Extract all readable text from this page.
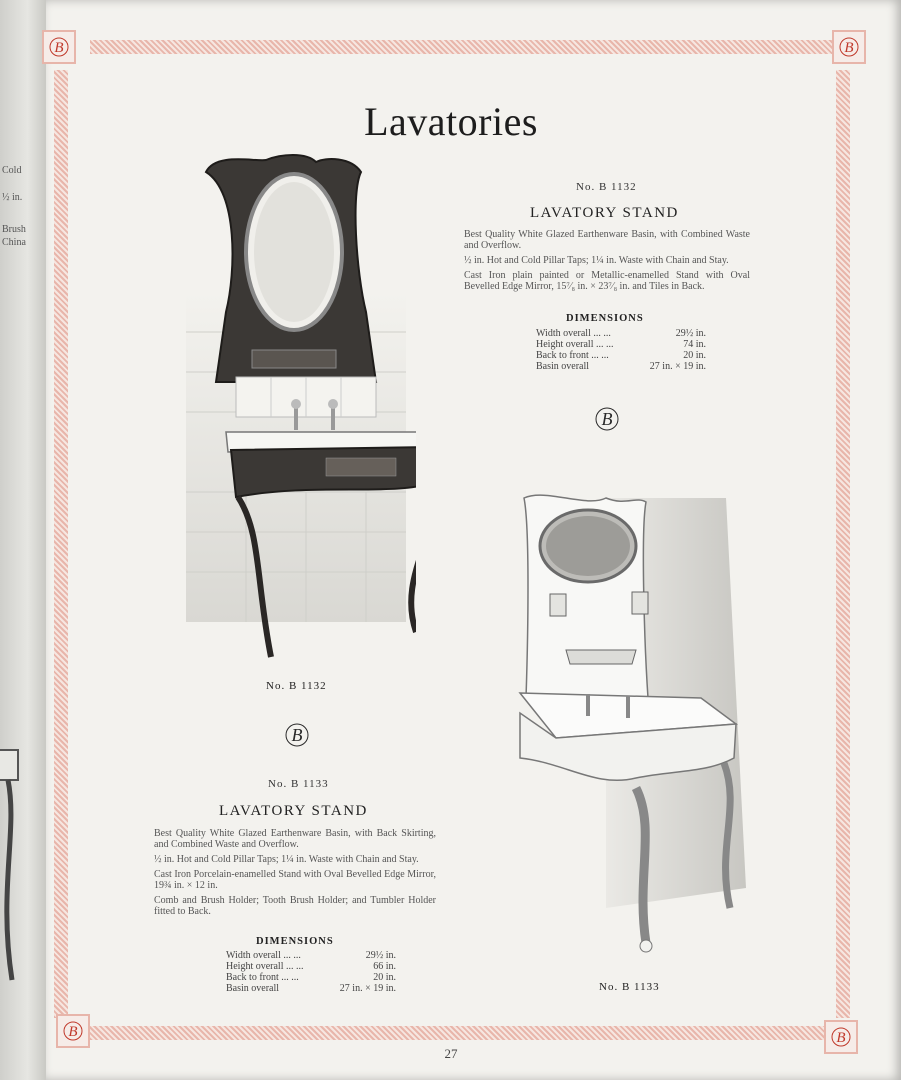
Cold
½ in.
Brush
China
B	B
B	B
Lavatories
No. B 1132
B
No. B 1132
LAVATORY STAND

Best Quality White Glazed Earthenware Basin, with Combined Waste and Overflow.

½ in. Hot and Cold Pillar Taps; 1¼ in. Waste with Chain and Stay.

Cast Iron plain painted or Metallic-enamelled Stand with Oval Bevelled Edge Mirror, 15⁷⁄₈ in. × 23⁷⁄₈ in. and Tiles in Back.

DIMENSIONS
Width overall ... ...	29½ in.
Height overall ... ...	74 in.
Back to front ... ...	20 in.
Basin overall	27 in. × 19 in.
B
No. B 1133
No. B 1133
LAVATORY STAND

Best Quality White Glazed Earthenware Basin, with Back Skirting, and Combined Waste and Overflow.

½ in. Hot and Cold Pillar Taps; 1¼ in. Waste with Chain and Stay.

Cast Iron Porcelain-enamelled Stand with Oval Bevelled Edge Mirror, 19¾ in. × 12 in.

Comb and Brush Holder; Tooth Brush Holder; and Tumbler Holder fitted to Back.

DIMENSIONS
Width overall ... ...	29½ in.
Height overall ... ...	66 in.
Back to front ... ...	20 in.
Basin overall	27 in. × 19 in.
27
